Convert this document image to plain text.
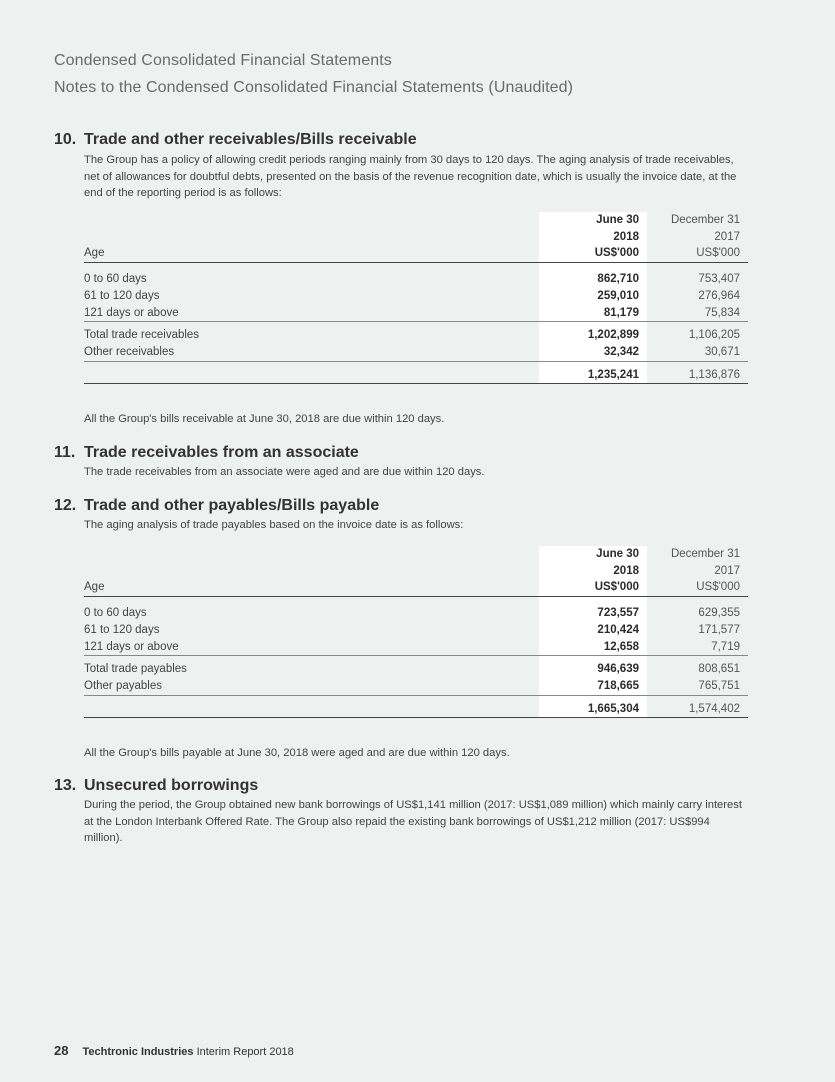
Condensed Consolidated Financial Statements
Notes to the Condensed Consolidated Financial Statements (Unaudited)
10. Trade and other receivables/Bills receivable
The Group has a policy of allowing credit periods ranging mainly from 30 days to 120 days. The aging analysis of trade receivables, net of allowances for doubtful debts, presented on the basis of the revenue recognition date, which is usually the invoice date, at the end of the reporting period is as follows:
	June 30	December 31
	2018	2017
Age	US$'000	US$'000

0 to 60 days	862,710	753,407
61 to 120 days	259,010	276,964
121 days or above	81,179	75,834

Total trade receivables	1,202,899	1,106,205
Other receivables	32,342	30,671

	1,235,241	1,136,876
All the Group's bills receivable at June 30, 2018 are due within 120 days.
11. Trade receivables from an associate
The trade receivables from an associate were aged and are due within 120 days.
12. Trade and other payables/Bills payable
The aging analysis of trade payables based on the invoice date is as follows:
	June 30	December 31
	2018	2017
Age	US$'000	US$'000

0 to 60 days	723,557	629,355
61 to 120 days	210,424	171,577
121 days or above	12,658	7,719

Total trade payables	946,639	808,651
Other payables	718,665	765,751

	1,665,304	1,574,402
All the Group's bills payable at June 30, 2018 were aged and are due within 120 days.
13. Unsecured borrowings
During the period, the Group obtained new bank borrowings of US$1,141 million (2017: US$1,089 million) which mainly carry interest at the London Interbank Offered Rate. The Group also repaid the existing bank borrowings of US$1,212 million (2017: US$994 million).
28 Techtronic Industries Interim Report 2018
